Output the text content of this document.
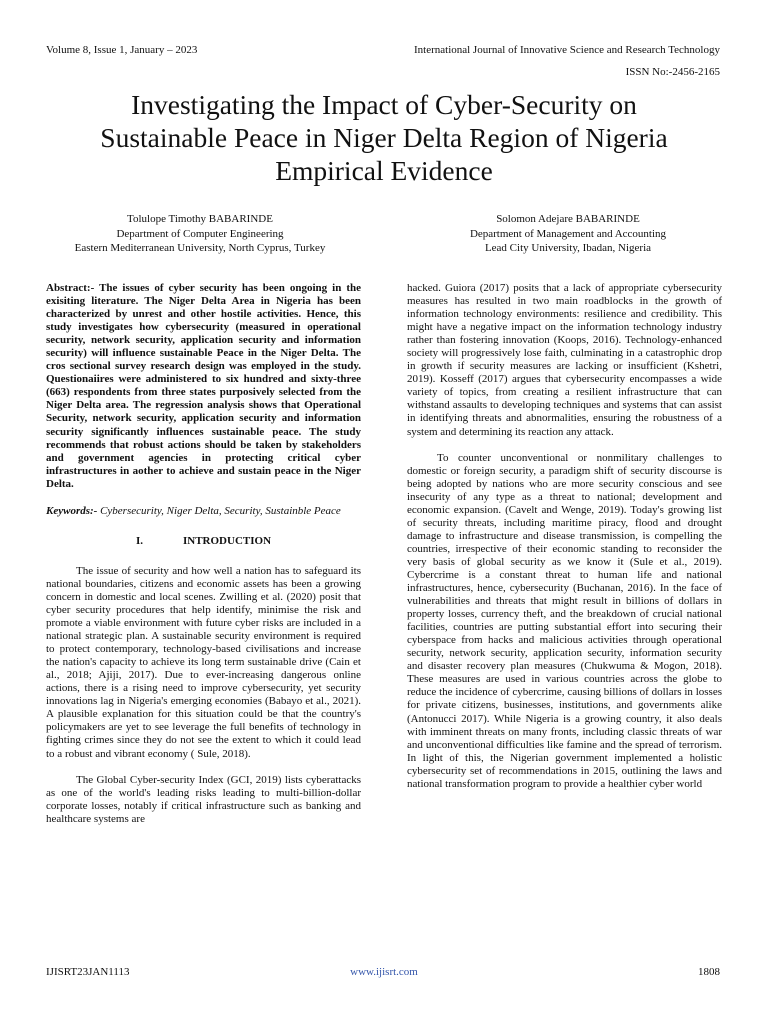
Volume 8, Issue 1, January – 2023	International Journal of Innovative Science and Research Technology
ISSN No:-2456-2165
Investigating the Impact of Cyber-Security on
Sustainable Peace in Niger Delta Region of Nigeria
Empirical Evidence
Tolulope Timothy BABARINDE
Department of Computer Engineering
Eastern Mediterranean University, North Cyprus, Turkey
Solomon Adejare BABARINDE
Department of Management and Accounting
Lead City University, Ibadan, Nigeria

Abstract:- The issues of cyber security has been ongoing in the exisiting literature. The Niger Delta Area in Nigeria has been characterized by unrest and other hostile activities. Hence, this study investigates how cybersecurity (measured in operational security, network security, application security and information security) will influence sustainable Peace in the Niger Delta. The cros sectional survey research design was employed in the study. Questionaiires were administered to six hundred and sixty-three (663) respondents from three states purposively selected from the Niger Delta area. The regression analysis shows that Operational Security, network security, application security and information security significantly influences sustainable peace. The study recommends that robust actions should be taken by stakeholders and government agencies in protecting critical cyber infrastructures in aother to achieve and sustain peace in the Niger Delta.

Keywords:- Cybersecurity, Niger Delta, Security, Sustainble Peace

I.	INTRODUCTION

The issue of security and how well a nation has to safeguard its national boundaries, citizens and economic assets has been a growing concern in domestic and local scenes. Zwilling et al. (2020) posit that cyber security procedures that help identify, minimise the risk and promote a viable environment with future cyber risks are included in a national strategic plan. A sustainable security environment is required to protect contemporary, technology-based civilisations and increase the nation's capacity to achieve its long term sustainable drive (Cain et al., 2018; Ajiji, 2017). Due to ever-increasing dangerous online actions, there is a rising need to improve cybersecurity, yet security innovations lag in Nigeria's emerging economies (Babayo et al., 2021). A plausible explanation for this situation could be that the country's policymakers are yet to see leverage the full benefits of technology in fighting crimes since they do not see the extent to which it could lead to a robust and vibrant economy ( Sule, 2018).

The Global Cyber-security Index (GCI, 2019) lists cyberattacks as one of the world's leading risks leading to multi-billion-dollar corporate losses, notably if critical infrastructure such as banking and healthcare systems are

hacked. Guiora (2017) posits that a lack of appropriate cybersecurity measures has resulted in two main roadblocks in the growth of information technology environments: resilience and credibility. This might have a negative impact on the information technology industry rather than fostering innovation (Koops, 2016). Technology-enhanced society will progressively lose faith, culminating in a catastrophic drop in growth if security measures are lacking or insufficient (Kshetri, 2019). Kosseff (2017) argues that cybersecurity encompasses a wide variety of topics, from creating a resilient infrastructure that can withstand assaults to developing techniques and systems that can assist in identifying threats and abnormalities, ensuring the robustness of a system and determining its reaction any attack.

To counter unconventional or nonmilitary challenges to domestic or foreign security, a paradigm shift of security discourse is being adopted by nations who are more security conscious and see insecurity of any type as a threat to national; development and economic expansion. (Cavelt and Wenge, 2019). Today's growing list of security threats, including maritime piracy, flood and drought damage to infrastructure and disease transmission, is compelling the countries, irrespective of their economic standing to reconsider the very basis of global security as we know it (Sule et al., 2019). Cybercrime is a constant threat to human life and national infrastructures, hence, cybersecurity (Buchanan, 2016). In the face of vulnerabilities and threats that might result in billions of dollars in property losses, currency theft, and the breakdown of crucial national facilities, countries are putting substantial effort into securing their cyberspace from hacks and malicious activities through operational security, network security, application security, information security and disaster recovery plan measures (Chukwuma & Mogon, 2018). These measures are used in various countries across the globe to reduce the incidence of cybercrime, causing billions of dollars in losses for private citizens, businesses, institutions, and governments alike (Antonucci 2017). While Nigeria is a growing country, it also deals with imminent threats on many fronts, including classic threats of war and unconventional difficulties like famine and the spread of terrorism. In light of this, the Nigerian government implemented a holistic cybersecurity set of recommendations in 2015, outlining the laws and national transformation program to provide a healthier cyber world

IJISRT23JAN1113	www.ijisrt.com	1808
